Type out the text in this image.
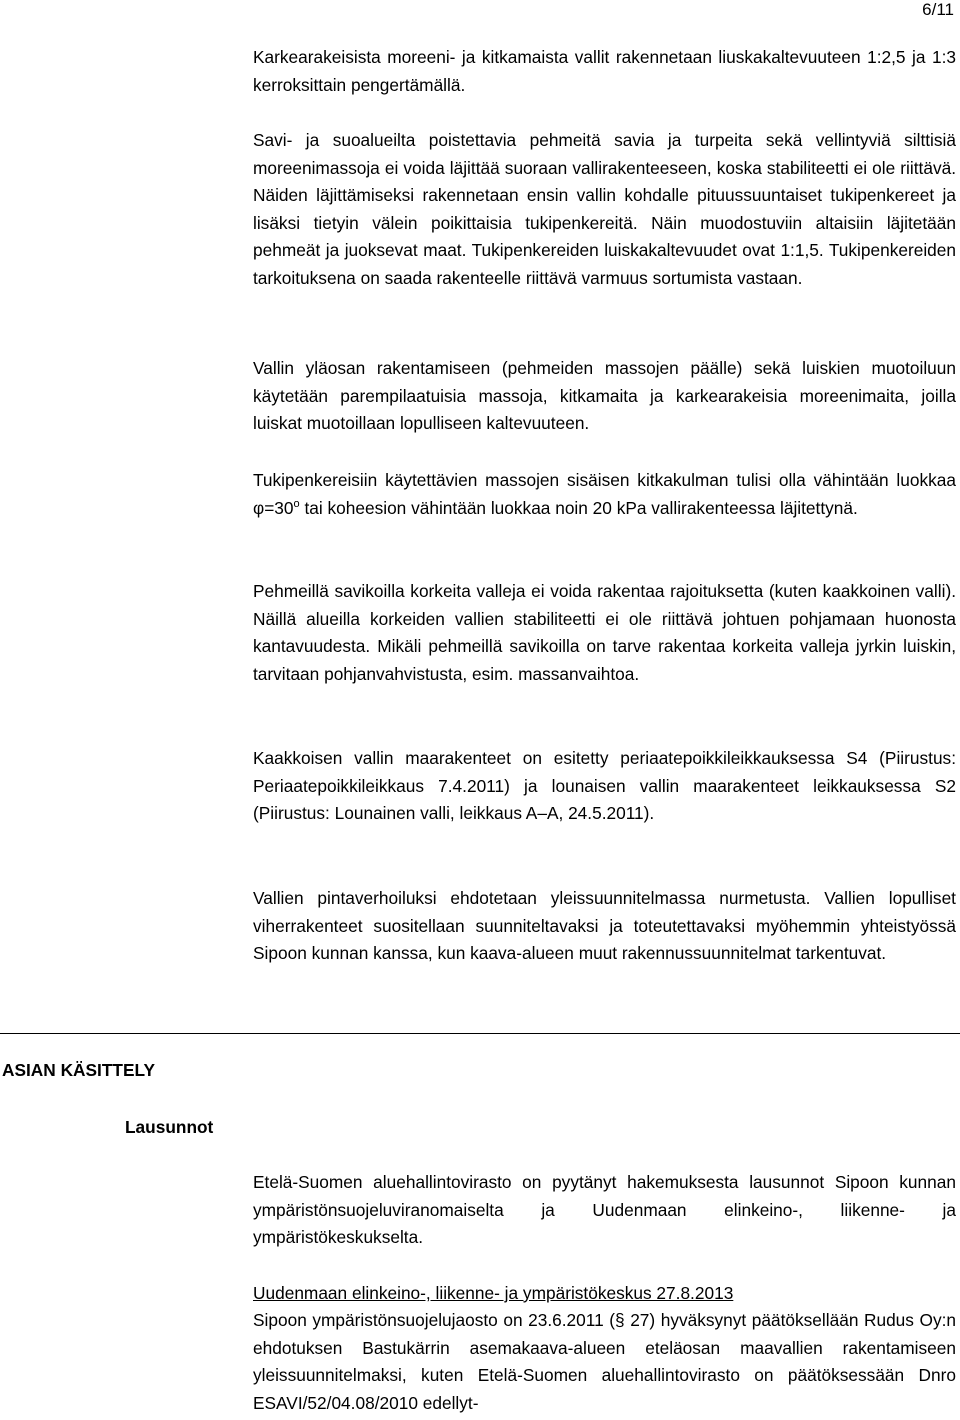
6/11

Karkearakeisista moreeni- ja kitkamaista vallit rakennetaan liuskakaltevuuteen 1:2,5 ja 1:3 kerroksittain pengertämällä.

Savi- ja suoalueilta poistettavia pehmeitä savia ja turpeita sekä vellintyviä silttisiä moreenimassoja ei voida läjittää suoraan vallirakenteeseen, koska stabiliteetti ei ole riittävä. Näiden läjittämiseksi rakennetaan ensin vallin kohdalle pituussuuntaiset tukipenkereet ja lisäksi tietyin välein poikittaisia tukipenkereitä. Näin muodostuviin altaisiin läjitetään pehmeät ja juoksevat maat. Tukipenkereiden luiskakaltevuudet ovat 1:1,5. Tukipenkereiden tarkoituksena on saada rakenteelle riittävä varmuus sortumista vastaan.

Vallin yläosan rakentamiseen (pehmeiden massojen päälle) sekä luiskien muotoiluun käytetään parempilaatuisia massoja, kitkamaita ja karkearakeisia moreenimaita, joilla luiskat muotoillaan lopulliseen kaltevuuteen.

Tukipenkereisiin käytettävien massojen sisäisen kitkakulman tulisi olla vähintään luokkaa $\varphi=30^o$ tai koheesion vähintään luokkaa noin 20 kPa vallirakenteessa läjitettynä.

Pehmeillä savikoilla korkeita valleja ei voida rakentaa rajoituksetta (kuten kaakkoinen valli). Näillä alueilla korkeiden vallien stabiliteetti ei ole riittävä johtuen pohjamaan huonosta kantavuudesta. Mikäli pehmeillä savikoilla on tarve rakentaa korkeita valleja jyrkin luiskin, tarvitaan pohjanvahvistusta, esim. massanvaihtoa.

Kaakkoisen vallin maarakenteet on esitetty periaatepoikkileikkauksessa S4 (Piirustus: Periaatepoikkileikkaus 7.4.2011) ja lounaisen vallin maarakenteet leikkauksessa S2 (Piirustus: Lounainen valli, leikkaus A–A, 24.5.2011).

Vallien pintaverhoiluksi ehdotetaan yleissuunnitelmassa nurmetusta. Vallien lopulliset viherrakenteet suositellaan suunniteltavaksi ja toteutettavaksi myöhemmin yhteistyössä Sipoon kunnan kanssa, kun kaava-alueen muut rakennussuunnitelmat tarkentuvat.

ASIAN KÄSITTELY
Lausunnot

Etelä-Suomen aluehallintovirasto on pyytänyt hakemuksesta lausunnot Sipoon kunnan ympäristönsuojeluviranomaiselta ja Uudenmaan elinkeino-, liikenne- ja ympäristökeskukselta.

Uudenmaan elinkeino-, liikenne- ja ympäristökeskus 27.8.2013

Sipoon ympäristönsuojelujaosto on 23.6.2011 (§ 27) hyväksynyt päätöksellään Rudus Oy:n ehdotuksen Bastukärrin asemakaava-alueen eteläosan maavallien rakentamiseen yleissuunnitelmaksi, kuten Etelä-Suomen aluehallintovirasto on päätöksessään Dnro ESAVI/52/04.08/2010 edellyt-
